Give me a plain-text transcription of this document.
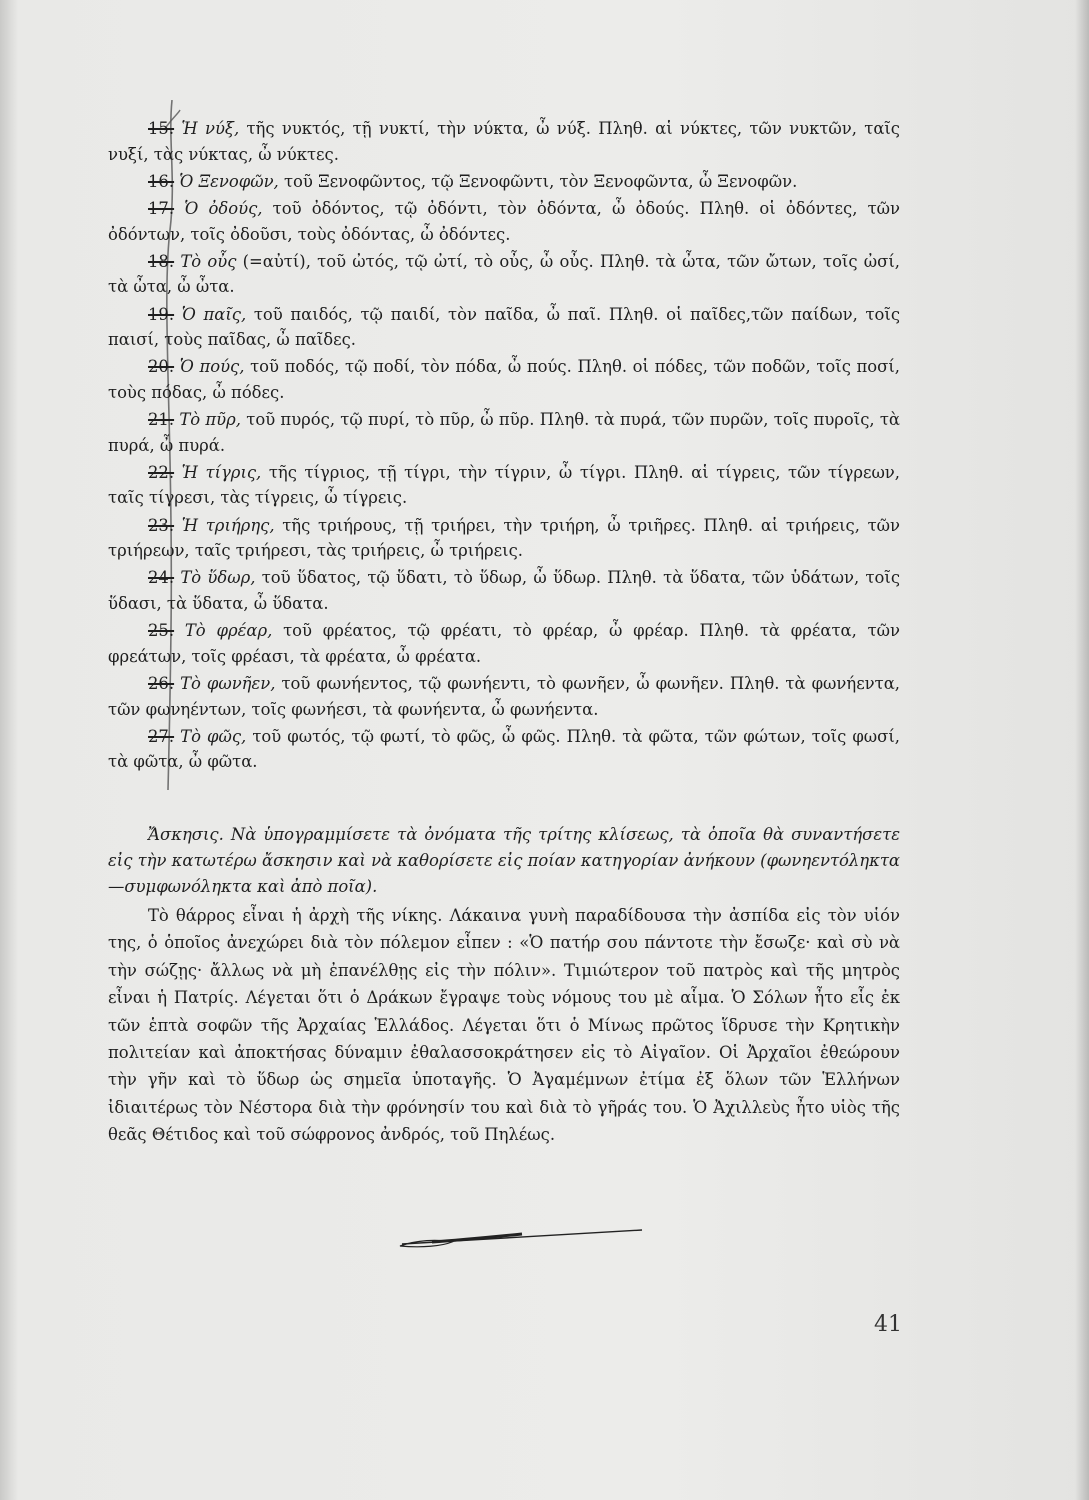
15. Ἡ νύξ, τῆς νυκτός, τῇ νυκτί, τὴν νύκτα, ὦ νύξ. Πληθ. αἱ νύκτες, τῶν νυκτῶν, ταῖς νυξί, τὰς νύκτας, ὦ νύκτες.

16. Ὁ Ξενοφῶν, τοῦ Ξενοφῶντος, τῷ Ξενοφῶντι, τὸν Ξενοφῶντα, ὦ Ξενοφῶν.

17. Ὁ ὀδούς, τοῦ ὀδόντος, τῷ ὀδόντι, τὸν ὀδόντα, ὦ ὀδούς. Πληθ. οἱ ὀδόντες, τῶν ὀδόντων, τοῖς ὀδοῦσι, τοὺς ὀδόντας, ὦ ὀδόντες.

18. Τὸ οὖς (=αὐτί), τοῦ ὠτός, τῷ ὠτί, τὸ οὖς, ὦ οὖς. Πληθ. τὰ ὦτα, τῶν ὤτων, τοῖς ὠσί, τὰ ὦτα, ὦ ὦτα.

19. Ὁ παῖς, τοῦ παιδός, τῷ παιδί, τὸν παῖδα, ὦ παῖ. Πληθ. οἱ παῖδες,τῶν παίδων, τοῖς παισί, τοὺς παῖδας, ὦ παῖδες.

20. Ὁ πούς, τοῦ ποδός, τῷ ποδί, τὸν πόδα, ὦ πούς. Πληθ. οἱ πόδες, τῶν ποδῶν, τοῖς ποσί, τοὺς πόδας, ὦ πόδες.

21. Τὸ πῦρ, τοῦ πυρός, τῷ πυρί, τὸ πῦρ, ὦ πῦρ. Πληθ. τὰ πυρά, τῶν πυρῶν, τοῖς πυροῖς, τὰ πυρά, ὦ πυρά.

22. Ἡ τίγρις, τῆς τίγριος, τῇ τίγρι, τὴν τίγριν, ὦ τίγρι. Πληθ. αἱ τίγρεις, τῶν τίγρεων, ταῖς τίγρεσι, τὰς τίγρεις, ὦ τίγρεις.

23. Ἡ τριήρης, τῆς τριήρους, τῇ τριήρει, τὴν τριήρη, ὦ τριῆρες. Πληθ. αἱ τριήρεις, τῶν τριήρεων, ταῖς τριήρεσι, τὰς τριήρεις, ὦ τριήρεις.

24. Τὸ ὕδωρ, τοῦ ὕδατος, τῷ ὕδατι, τὸ ὕδωρ, ὦ ὕδωρ. Πληθ. τὰ ὕδατα, τῶν ὑδάτων, τοῖς ὕδασι, τὰ ὕδατα, ὦ ὕδατα.

25. Τὸ φρέαρ, τοῦ φρέατος, τῷ φρέατι, τὸ φρέαρ, ὦ φρέαρ. Πληθ. τὰ φρέατα, τῶν φρεάτων, τοῖς φρέασι, τὰ φρέατα, ὦ φρέατα.

26. Τὸ φωνῆεν, τοῦ φωνήεντος, τῷ φωνήεντι, τὸ φωνῆεν, ὦ φωνῆεν. Πληθ. τὰ φωνήεντα, τῶν φωνηέντων, τοῖς φωνήεσι, τὰ φωνήεντα, ὦ φωνήεντα.

27. Τὸ φῶς, τοῦ φωτός, τῷ φωτί, τὸ φῶς, ὦ φῶς. Πληθ. τὰ φῶτα, τῶν φώτων, τοῖς φωσί, τὰ φῶτα, ὦ φῶτα.

Ἄσκησις. Νὰ ὑπογραμμίσετε τὰ ὀνόματα τῆς τρίτης κλίσεως, τὰ ὁποῖα θὰ συναντήσετε εἰς τὴν κατωτέρω ἄσκησιν καὶ νὰ καθορίσετε εἰς ποίαν κατηγορίαν ἀνήκουν (φωνηεντόληκτα—συμφωνόληκτα καὶ ἀπὸ ποῖα).

Τὸ θάρρος εἶναι ἡ ἀρχὴ τῆς νίκης. Λάκαινα γυνὴ παραδίδουσα τὴν ἀσπίδα εἰς τὸν υἱόν της, ὁ ὁποῖος ἀνεχώρει διὰ τὸν πόλεμον εἶπεν : «Ὁ πατήρ σου πάντοτε τὴν ἔσωζε· καὶ σὺ νὰ τὴν σώζῃς· ἄλλως νὰ μὴ ἐπανέλθῃς εἰς τὴν πόλιν». Τιμιώτερον τοῦ πατρὸς καὶ τῆς μητρὸς εἶναι ἡ Πατρίς. Λέγεται ὅτι ὁ Δράκων ἔγραψε τοὺς νόμους του μὲ αἷμα. Ὁ Σόλων ἦτο εἷς ἐκ τῶν ἑπτὰ σοφῶν τῆς Ἀρχαίας Ἑλλάδος. Λέγεται ὅτι ὁ Μίνως πρῶτος ἵδρυσε τὴν Κρητικὴν πολιτείαν καὶ ἀποκτήσας δύναμιν ἐθαλασσοκράτησεν εἰς τὸ Αἰγαῖον. Οἱ Ἀρχαῖοι ἐθεώρουν τὴν γῆν καὶ τὸ ὕδωρ ὡς σημεῖα ὑποταγῆς. Ὁ Ἀγαμέμνων ἐτίμα ἐξ ὅλων τῶν Ἑλλήνων ἰδιαιτέρως τὸν Νέστορα διὰ τὴν φρόνησίν του καὶ διὰ τὸ γῆράς του. Ὁ Ἀχιλλεὺς ἦτο υἱὸς τῆς θεᾶς Θέτιδος καὶ τοῦ σώφρονος ἀνδρός, τοῦ Πηλέως.

41
